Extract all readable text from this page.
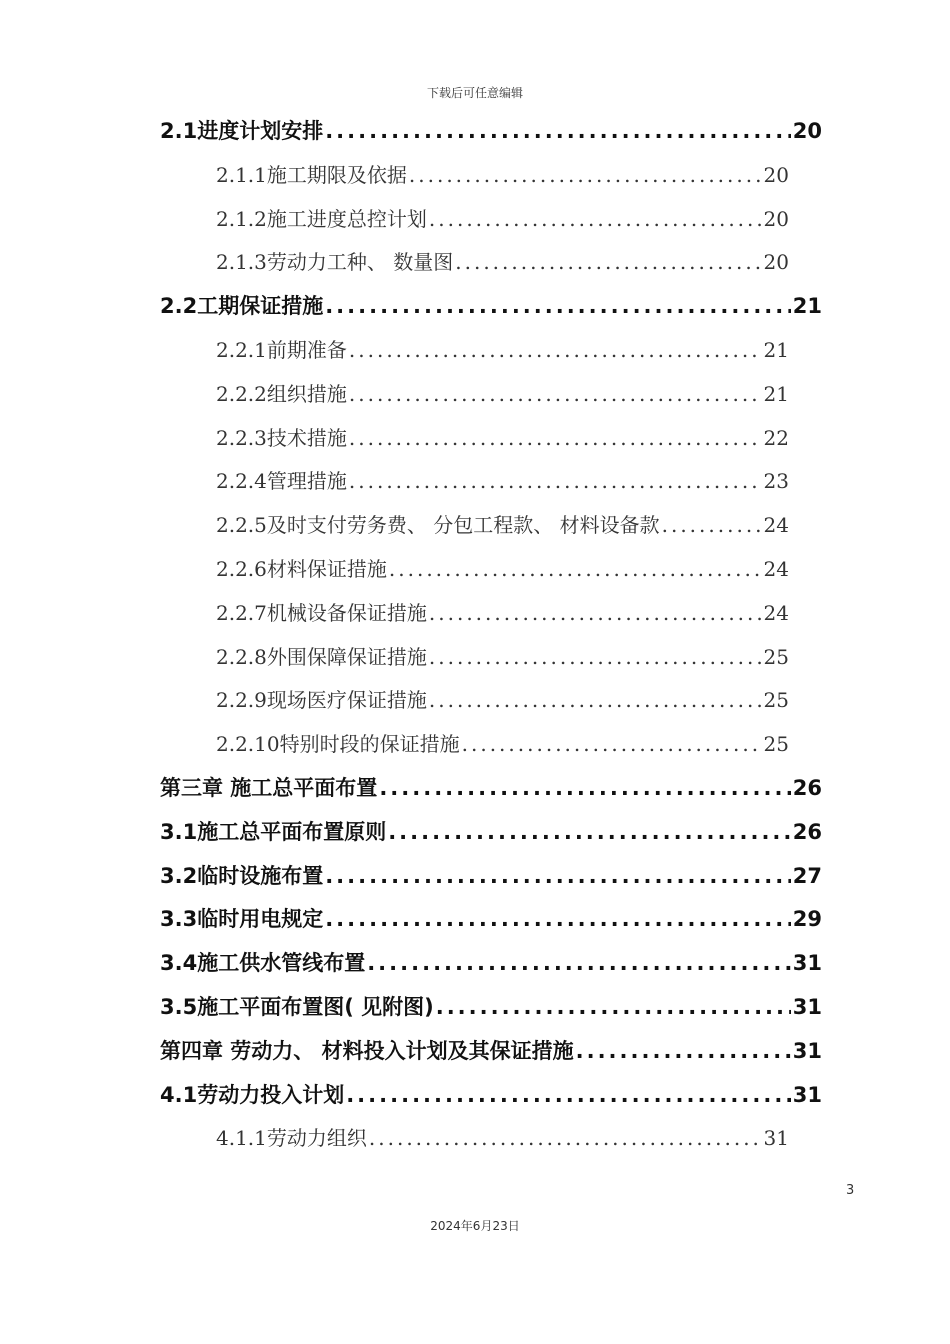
下载后可任意编辑
2.1进度计划安排 .....	20
2.1.1施工期限及依据 .....	20
2.1.2施工进度总控计划 .....	20
2.1.3劳动力工种、 数量图 .....	20
2.2工期保证措施 .....	21
2.2.1前期准备 .....	21
2.2.2组织措施 .....	21
2.2.3技术措施 .....	22
2.2.4管理措施 .....	23
2.2.5及时支付劳务费、 分包工程款、 材料设备款 .....	24
2.2.6材料保证措施 .....	24
2.2.7机械设备保证措施 .....	24
2.2.8外围保障保证措施 .....	25
2.2.9现场医疗保证措施 .....	25
2.2.10特别时段的保证措施 .....	25
第三章 施工总平面布置 .....	26
3.1施工总平面布置原则 .....	26
3.2临时设施布置 .....	27
3.3临时用电规定 .....	29
3.4施工供水管线布置 .....	31
3.5施工平面布置图( 见附图) .....	31
第四章 劳动力、 材料投入计划及其保证措施 .....	31
4.1劳动力投入计划 .....	31
4.1.1劳动力组织 .....	31
3
2024年6月23日
